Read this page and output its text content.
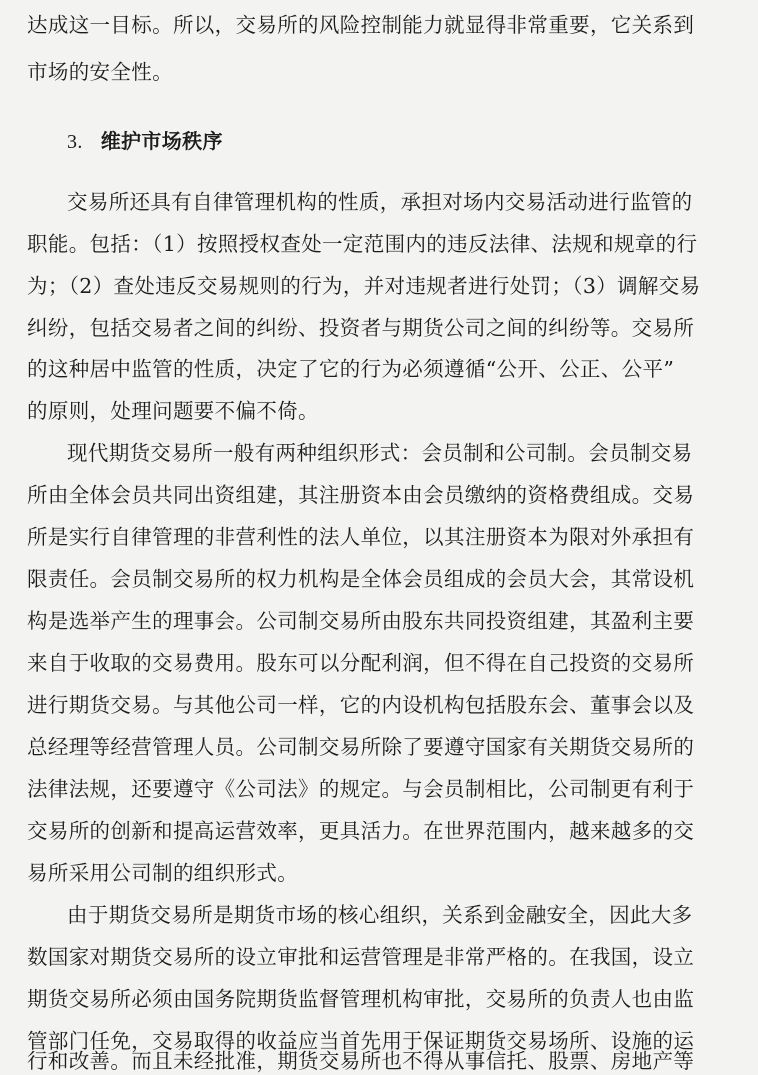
达成这一目标。所以，交易所的风险控制能力就显得非常重要，它关系到
市场的安全性。
3. 维护市场秩序
交易所还具有自律管理机构的性质，承担对场内交易活动进行监管的
职能。包括：（1）按照授权查处一定范围内的违反法律、法规和规章的行
为；（2）查处违反交易规则的行为，并对违规者进行处罚；（3）调解交易
纠纷，包括交易者之间的纠纷、投资者与期货公司之间的纠纷等。交易所
的这种居中监管的性质，决定了它的行为必须遵循“公开、公正、公平”
的原则，处理问题要不偏不倚。
现代期货交易所一般有两种组织形式：会员制和公司制。会员制交易
所由全体会员共同出资组建，其注册资本由会员缴纳的资格费组成。交易
所是实行自律管理的非营利性的法人单位，以其注册资本为限对外承担有
限责任。会员制交易所的权力机构是全体会员组成的会员大会，其常设机
构是选举产生的理事会。公司制交易所由股东共同投资组建，其盈利主要
来自于收取的交易费用。股东可以分配利润，但不得在自己投资的交易所
进行期货交易。与其他公司一样，它的内设机构包括股东会、董事会以及
总经理等经营管理人员。公司制交易所除了要遵守国家有关期货交易所的
法律法规，还要遵守《公司法》的规定。与会员制相比，公司制更有利于
交易所的创新和提高运营效率，更具活力。在世界范围内，越来越多的交
易所采用公司制的组织形式。
由于期货交易所是期货市场的核心组织，关系到金融安全，因此大多
数国家对期货交易所的设立审批和运营管理是非常严格的。在我国，设立
期货交易所必须由国务院期货监督管理机构审批，交易所的负责人也由监
管部门任免，交易取得的收益应当首先用于保证期货交易场所、设施的运
行和改善。而且未经批准，期货交易所也不得从事信托、股票、房地产等
